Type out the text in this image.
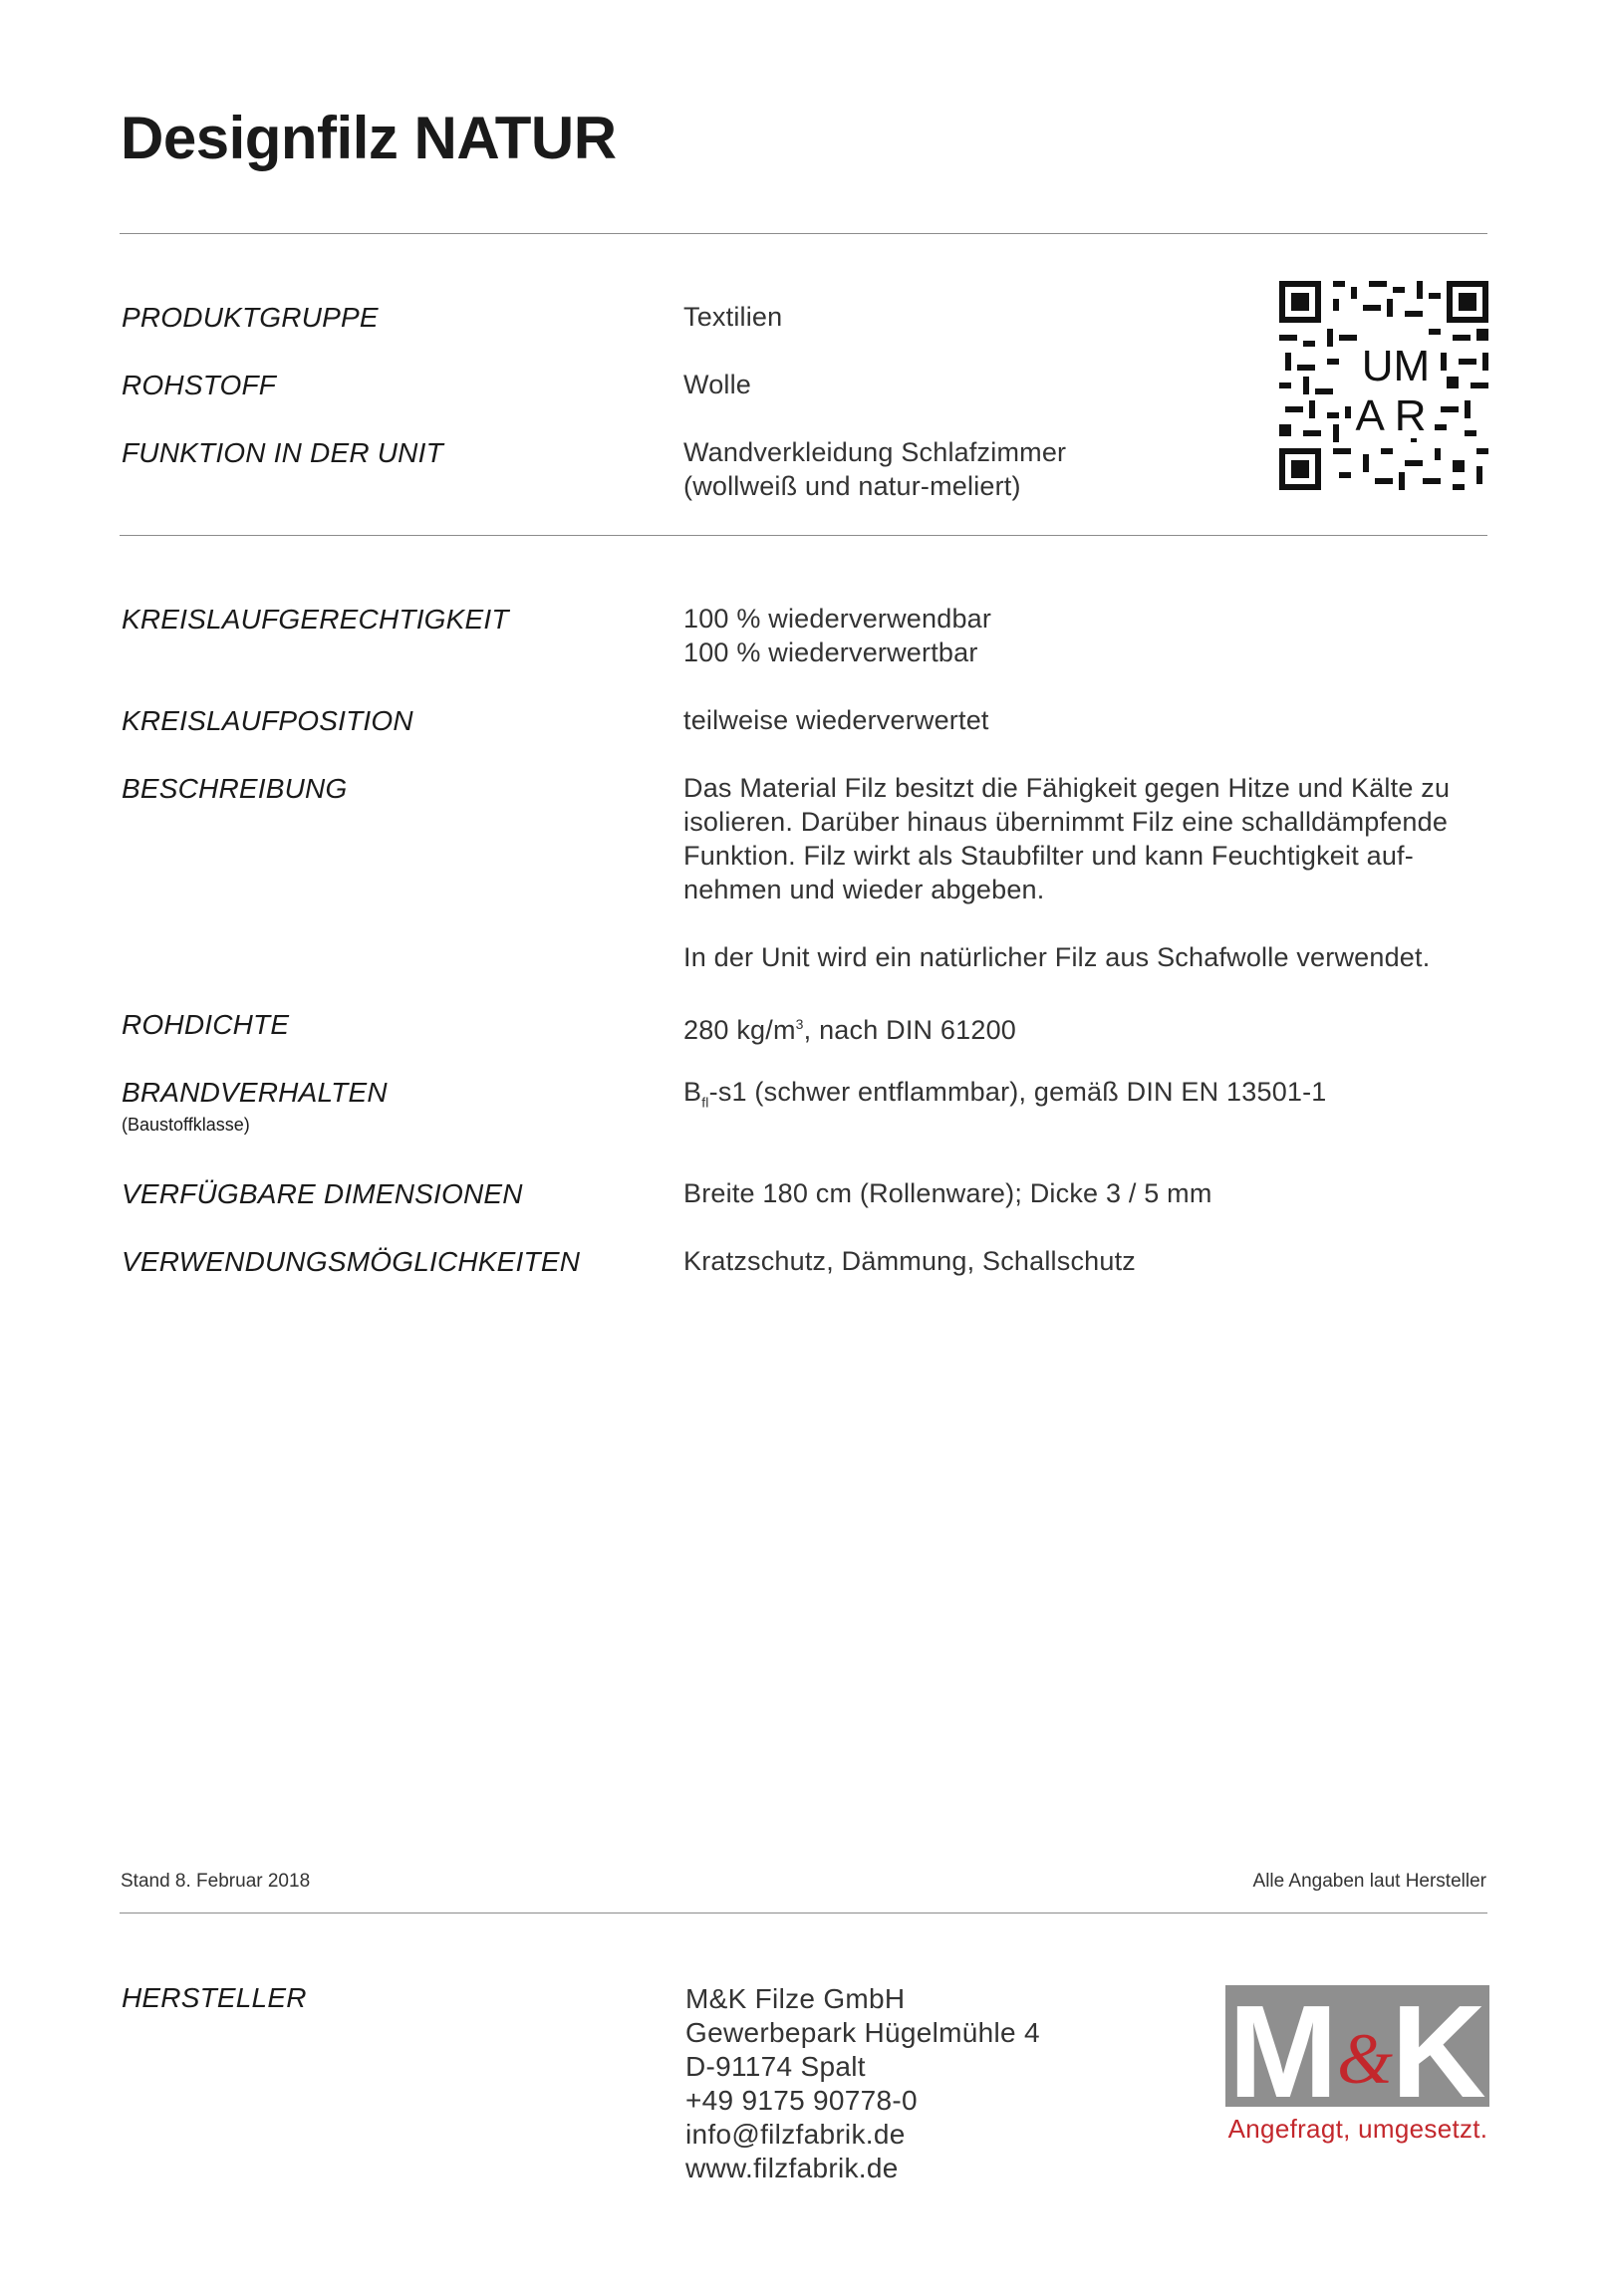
Designfilz NATUR
PRODUKTGRUPPE	Textilien
ROHSTOFF	Wolle
FUNKTION IN DER UNIT	Wandverkleidung Schlafzimmer

(wollweiß und natur-meliert)

UM
AR
KREISLAUFGERECHTIGKEIT	100 % wiederverwendbar

100 % wiederverwertbar

KREISLAUFPOSITION	teilweise wiederverwertet
BESCHREIBUNG	Das Material Filz besitzt die Fähigkeit gegen Hitze und Kälte zu

isolieren. Darüber hinaus übernimmt Filz eine schalldämpfende

Funktion. Filz wirkt als Staubfilter und kann Feuchtigkeit auf-

nehmen und wieder abgeben.

In der Unit wird ein natürlicher Filz aus Schafwolle verwendet.

ROHDICHTE	280 $kg/m^3$, nach DIN 61200
BRANDVERHALTEN
(Baustoffklasse)
$B_{fl}-s1$ (schwer entflammbar), gemäß DIN EN 13501-1
VERFÜGBARE DIMENSIONEN	Breite 180 cm (Rollenware); Dicke 3 / 5 mm
VERWENDUNGSMÖGLICHKEITEN	Kratzschutz, Dämmung, Schallschutz
Stand 8. Februar 2018	Alle Angaben laut Hersteller
HERSTELLER	M&K Filze GmbH
Gewerbepark Hügelmühle 4
D-91174 Spalt
+49 9175 90778-0
info@filzfabrik.de
www.filzfabrik.de
M K
&
Angefragt, umgesetzt.
